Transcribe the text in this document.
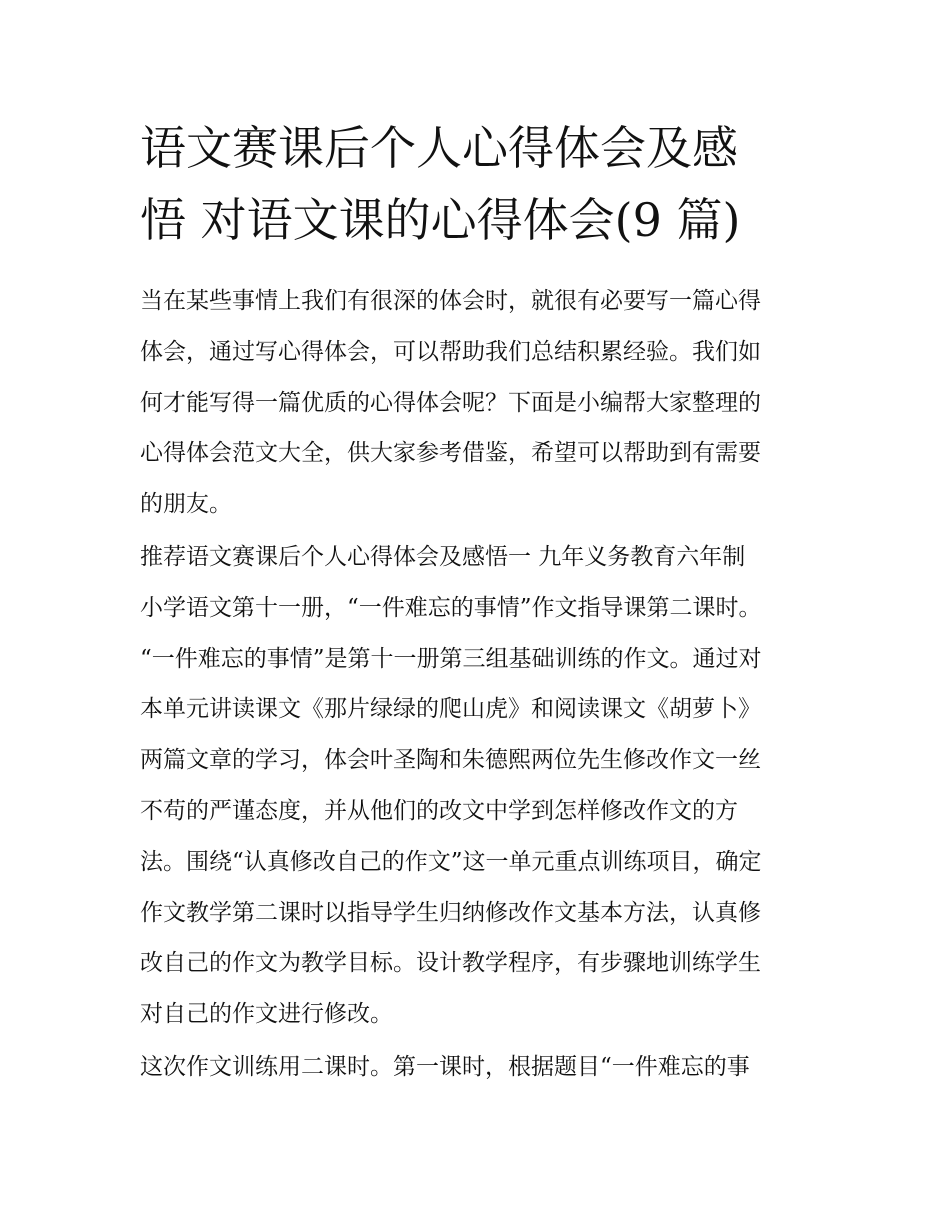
语文赛课后个人心得体会及感
悟 对语文课的心得体会(9 篇)
当在某些事情上我们有很深的体会时，就很有必要写一篇心得
体会，通过写心得体会，可以帮助我们总结积累经验。我们如
何才能写得一篇优质的心得体会呢？下面是小编帮大家整理的
心得体会范文大全，供大家参考借鉴，希望可以帮助到有需要
的朋友。
推荐语文赛课后个人心得体会及感悟一 九年义务教育六年制
小学语文第十一册，“一件难忘的事情”作文指导课第二课时。
“一件难忘的事情”是第十一册第三组基础训练的作文。通过对
本单元讲读课文《那片绿绿的爬山虎》和阅读课文《胡萝卜》
两篇文章的学习，体会叶圣陶和朱德熙两位先生修改作文一丝
不苟的严谨态度，并从他们的改文中学到怎样修改作文的方
法。围绕“认真修改自己的作文”这一单元重点训练项目，确定
作文教学第二课时以指导学生归纳修改作文基本方法，认真修
改自己的作文为教学目标。设计教学程序，有步骤地训练学生
对自己的作文进行修改。
这次作文训练用二课时。第一课时，根据题目“一件难忘的事
